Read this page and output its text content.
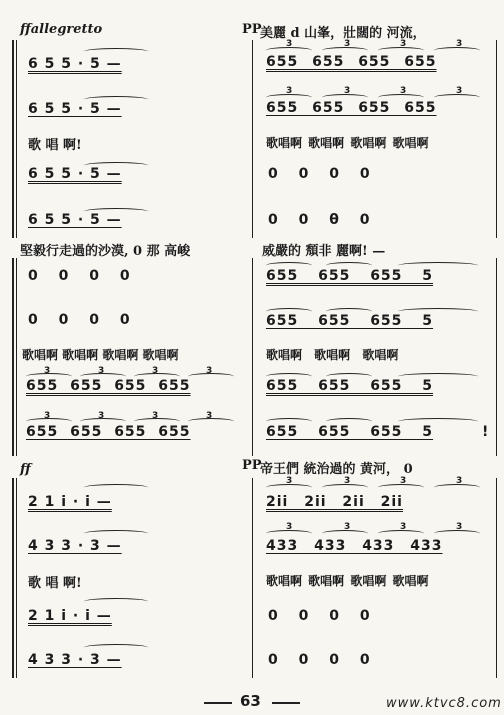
ffallegretto	PP
美麗 d 山峯，壯闊的 河流，
6 5 5 · 5 —
6 5 5 · 5 —
歌 唱 啊!
6 5 5 · 5 —
6 5 5 · 5 —
3	3	3	3
655 655 655 655
3	3	3	3
655 655 655 655
歌唱啊 歌唱啊 歌唱啊 歌唱啊
0 0 0 0
0 0 θ 0
堅毅行走過的沙漠, 0 那 高峻	威嚴的 頽非 麗啊! —
0 0 0 0
0 0 0 0
歌唱啊 歌唱啊 歌唱啊 歌唱啊
3	3	3	3
655 655 655 655
3	3	3	3
655 655 655 655
655 655 655 5
655 655 655 5
歌唱啊 歌唱啊 歌唱啊
655 655 655 5
655 655 655 5	!
ff	PP
帝王們 統治過的 黄河， 0
2 1 i · i —
4 3 3 · 3 —
歌 唱 啊!
2 1 i · i —
4 3 3 · 3 —
3	3	3	3
2ii 2ii 2ii 2ii
3	3	3	3
433 433 433 433
歌唱啊 歌唱啊 歌唱啊 歌唱啊
0 0 0 0
0 0 0 0
63	www.ktvc8.com
